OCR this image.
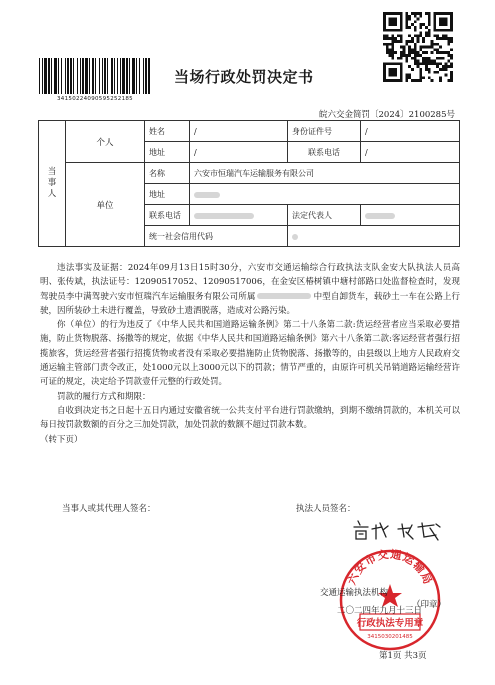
34150224090595252185
当场行政处罚决定书
皖六交金简罚〔2024〕2100285号
当
事
人	个人	姓名	/	身份证件号	/
		地址	/	联系电话	/
	单位	名称	六安市恒瑞汽车运输服务有限公司		
		地址			
		联系电话		法定代表人	
		统一社会信用代码			

违法事实及证据：2024年09月13日15时30分，六安市交通运输综合行政执法支队金安大队执法人员高明、张传斌，执法证号：12090517052、12090517006，在金安区椿树镇中塘村部路口处监督检查时，发现驾驶员李中满驾驶六安市恒瑞汽车运输服务有限公司所属	中型自卸货车，载砂土一车在公路上行驶，因所装砂土未进行覆盖，导致砂土遗洒脱落，造成对公路污染。

你（单位）的行为违反了《中华人民共和国道路运输条例》第二十八条第二款:货运经营者应当采取必要措施，防止货物脱落、扬撒等的规定，依据《中华人民共和国道路运输条例》第六十八条第二款:客运经营者强行招揽旅客，货运经营者强行招揽货物或者没有采取必要措施防止货物脱落、扬撒等的，由县级以上地方人民政府交通运输主管部门责令改正，处1000元以上3000元以下的罚款；情节严重的，由原许可机关吊销道路运输经营许可证的规定，决定给予罚款壹仟元整的行政处罚。

罚款的履行方式和期限：

自收到决定书之日起十五日内通过安徽省统一公共支付平台进行罚款缴纳，到期不缴纳罚款的，本机关可以每日按罚款数额的百分之三加处罚款，加处罚款的数额不超过罚款本数。

（转下页）

当事人或其代理人签名：	执法人员签名：
六安市交通运输局
行政执法专用章
3415030201485
交通运输执法机构
（印章）
二〇二四年九月十三日
第1页 共3页
